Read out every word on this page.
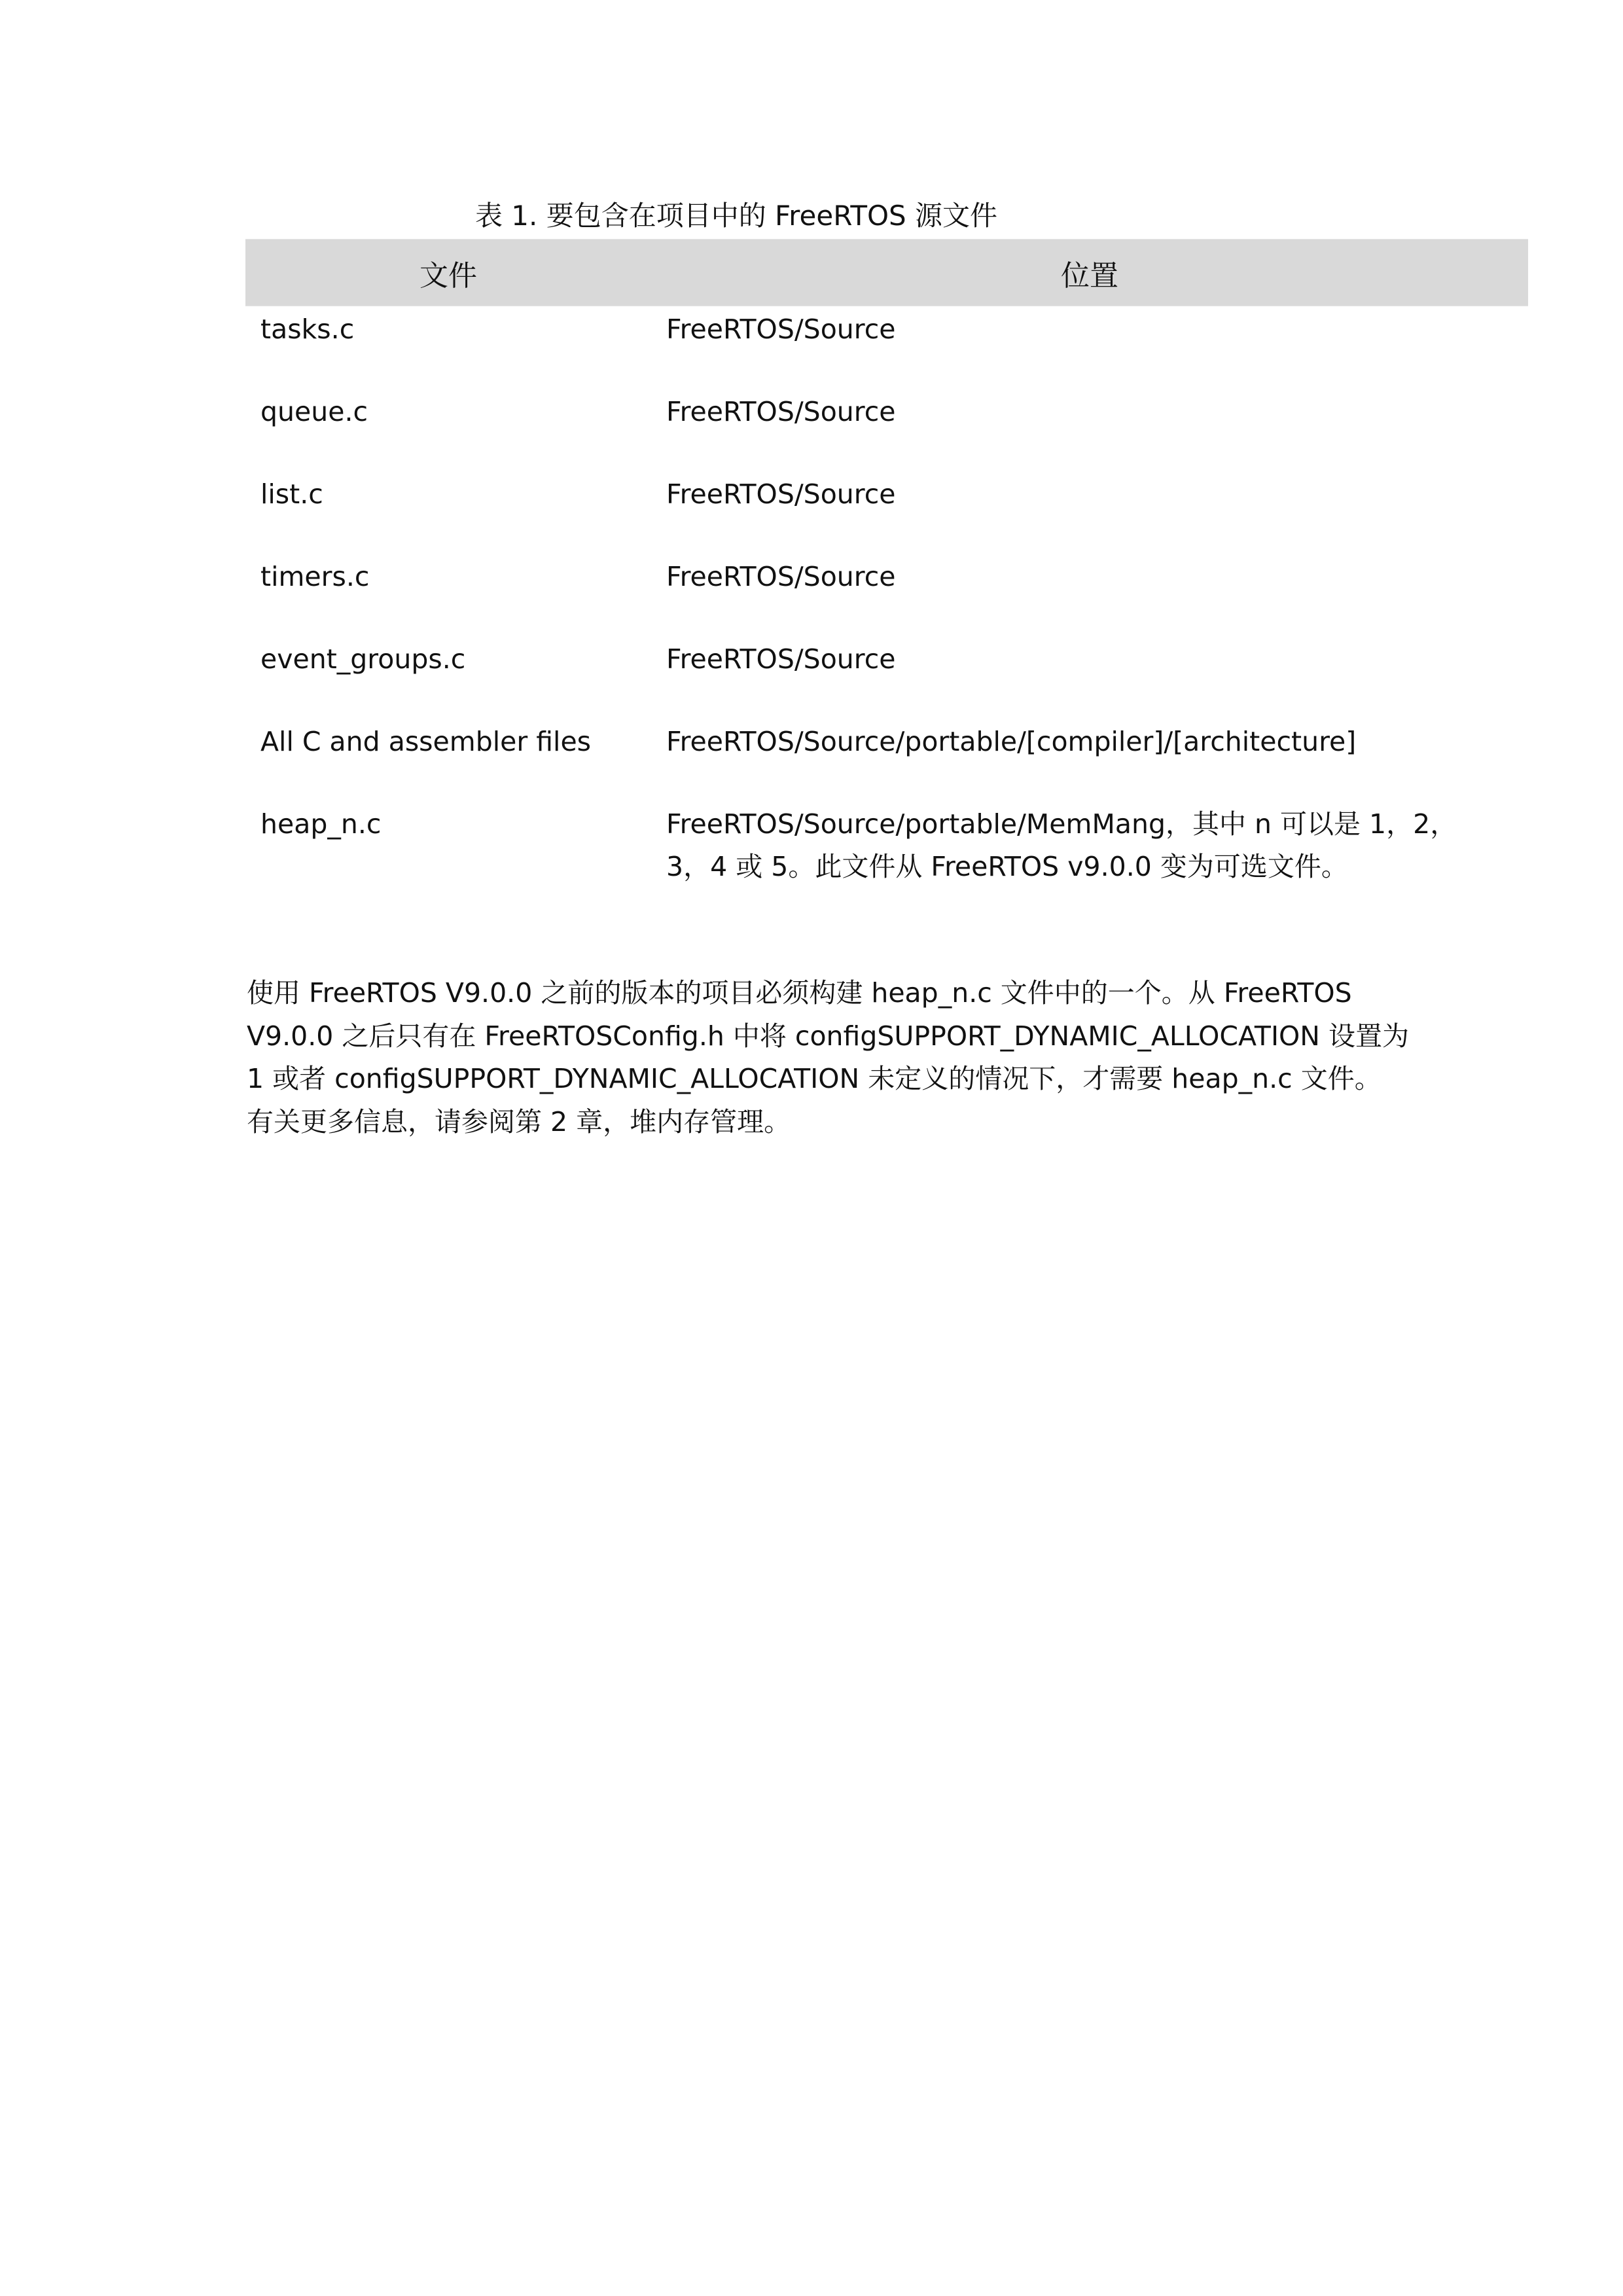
表 1. 要包含在项目中的 FreeRTOS 源文件
文件	位置
tasks.c	FreeRTOS/Source
queue.c	FreeRTOS/Source
list.c	FreeRTOS/Source
timers.c	FreeRTOS/Source
event_groups.c	FreeRTOS/Source
All C and assembler files	FreeRTOS/Source/portable/[compiler]/[architecture]
heap_n.c	FreeRTOS/Source/portable/MemMang，其中 n 可以是 1，2，3，4 或 5。此文件从 FreeRTOS v9.0.0 变为可选文件。
使用 FreeRTOS V9.0.0 之前的版本的项目必须构建 heap_n.c 文件中的一个。从 FreeRTOS
V9.0.0 之后只有在 FreeRTOSConfig.h 中将 configSUPPORT_DYNAMIC_ALLOCATION 设置为
1 或者 configSUPPORT_DYNAMIC_ALLOCATION 未定义的情况下，才需要 heap_n.c 文件。
有关更多信息，请参阅第 2 章，堆内存管理。
